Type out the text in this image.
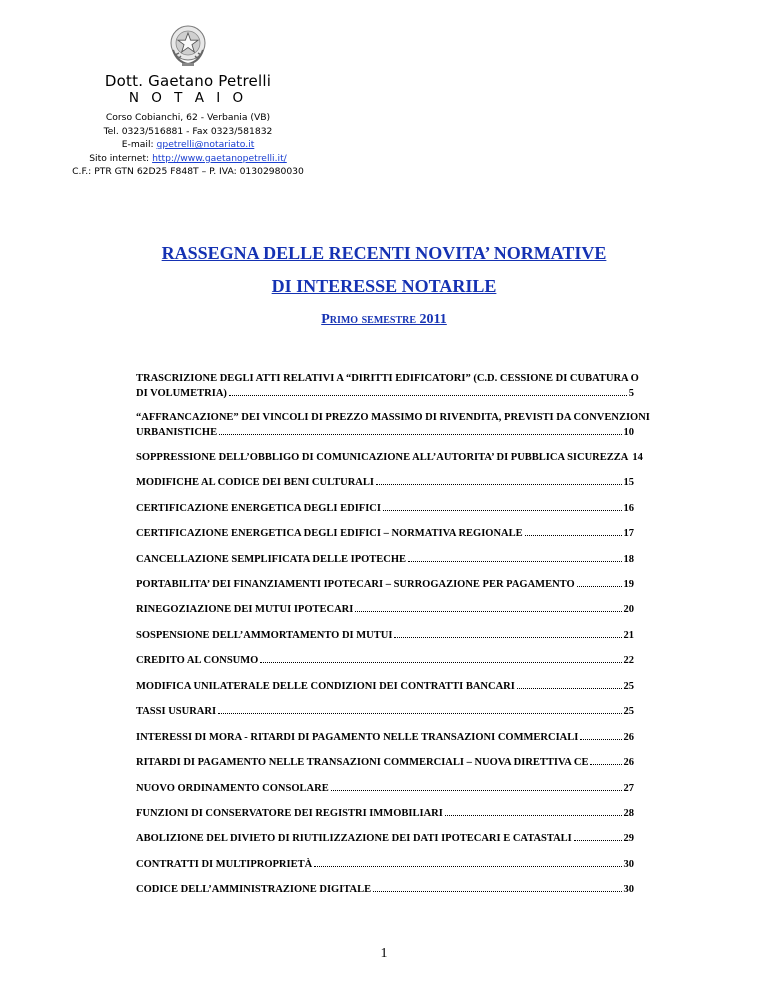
Dott. Gaetano Petrelli
N O T A I O
Corso Cobianchi, 62 - Verbania (VB)
Tel. 0323/516881 - Fax 0323/581832
E-mail: gpetrelli@notariato.it
Sito internet: http://www.gaetanopetrelli.it/
C.F.: PTR GTN 62D25 F848T – P. IVA: 01302980030
RASSEGNA DELLE RECENTI NOVITA’ NORMATIVE
DI INTERESSE NOTARILE
Primo semestre 2011
TRASCRIZIONE DEGLI ATTI RELATIVI A “DIRITTI EDIFICATORI” (C.D. CESSIONE DI CUBATURA O
DI VOLUMETRIA)	5
“AFFRANCAZIONE” DEI VINCOLI DI PREZZO MASSIMO DI RIVENDITA, PREVISTI DA CONVENZIONI
URBANISTICHE	10
SOPPRESSIONE DELL’OBBLIGO DI COMUNICAZIONE ALL’AUTORITA’ DI PUBBLICA SICUREZZA 14
MODIFICHE AL CODICE DEI BENI CULTURALI	15
CERTIFICAZIONE ENERGETICA DEGLI EDIFICI	16
CERTIFICAZIONE ENERGETICA DEGLI EDIFICI – NORMATIVA REGIONALE	17
CANCELLAZIONE SEMPLIFICATA DELLE IPOTECHE	18
PORTABILITA’ DEI FINANZIAMENTI IPOTECARI – SURROGAZIONE PER PAGAMENTO	19
RINEGOZIAZIONE DEI MUTUI IPOTECARI	20
SOSPENSIONE DELL’AMMORTAMENTO DI MUTUI	21
CREDITO AL CONSUMO	22
MODIFICA UNILATERALE DELLE CONDIZIONI DEI CONTRATTI BANCARI	25
TASSI USURARI	25
INTERESSI DI MORA - RITARDI DI PAGAMENTO NELLE TRANSAZIONI COMMERCIALI	26
RITARDI DI PAGAMENTO NELLE TRANSAZIONI COMMERCIALI – NUOVA DIRETTIVA CE	26
NUOVO ORDINAMENTO CONSOLARE	27
FUNZIONI DI CONSERVATORE DEI REGISTRI IMMOBILIARI	28
ABOLIZIONE DEL DIVIETO DI RIUTILIZZAZIONE DEI DATI IPOTECARI E CATASTALI	29
CONTRATTI DI MULTIPROPRIETÀ	30
CODICE DELL’AMMINISTRAZIONE DIGITALE	30
1
